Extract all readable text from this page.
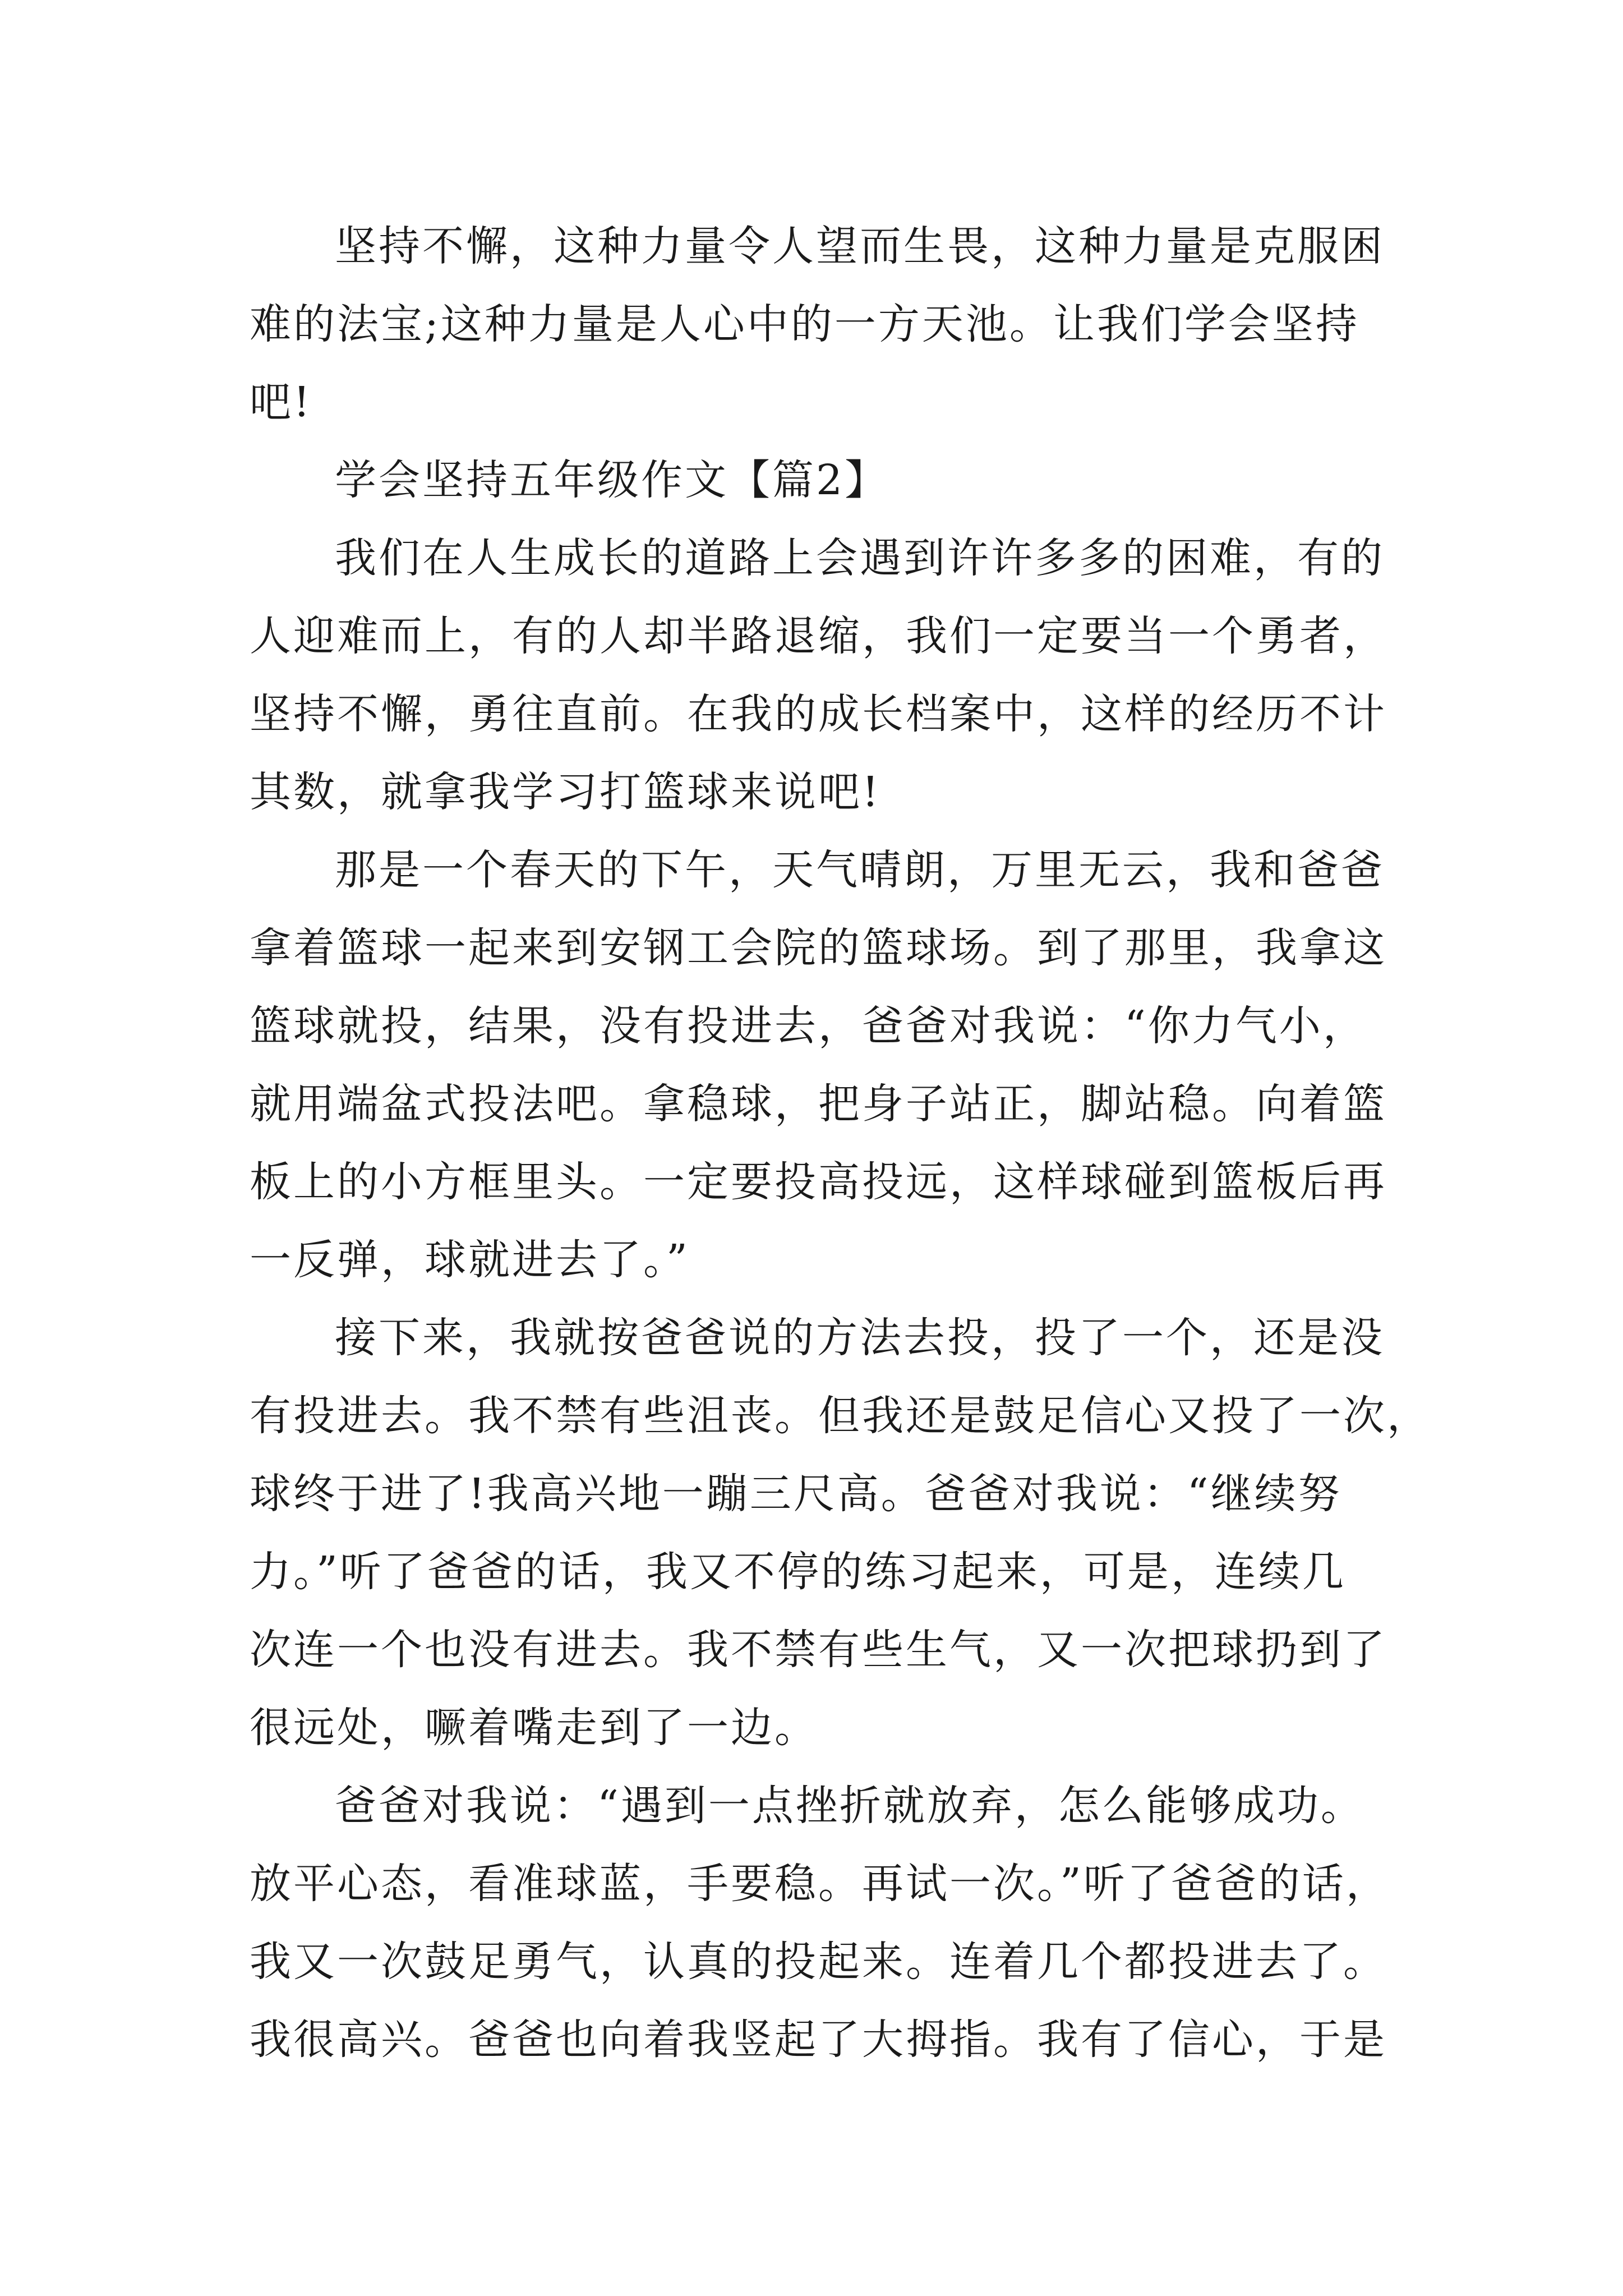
坚持不懈，这种力量令人望而生畏，这种力量是克服困
难的法宝;这种力量是人心中的一方天池。让我们学会坚持
吧!
学会坚持五年级作文【篇2】
我们在人生成长的道路上会遇到许许多多的困难，有的
人迎难而上，有的人却半路退缩，我们一定要当一个勇者，
坚持不懈，勇往直前。在我的成长档案中，这样的经历不计
其数，就拿我学习打篮球来说吧!
那是一个春天的下午，天气晴朗，万里无云，我和爸爸
拿着篮球一起来到安钢工会院的篮球场。到了那里，我拿这
篮球就投，结果，没有投进去，爸爸对我说：“你力气小，
就用端盆式投法吧。拿稳球，把身子站正，脚站稳。向着篮
板上的小方框里头。一定要投高投远，这样球碰到篮板后再
一反弹，球就进去了。”
接下来，我就按爸爸说的方法去投，投了一个，还是没
有投进去。我不禁有些沮丧。但我还是鼓足信心又投了一次，
球终于进了!我高兴地一蹦三尺高。爸爸对我说：“继续努
力。”听了爸爸的话，我又不停的练习起来，可是，连续几
次连一个也没有进去。我不禁有些生气，又一次把球扔到了
很远处，噘着嘴走到了一边。
爸爸对我说：“遇到一点挫折就放弃，怎么能够成功。
放平心态，看准球蓝，手要稳。再试一次。”听了爸爸的话，
我又一次鼓足勇气，认真的投起来。连着几个都投进去了。
我很高兴。爸爸也向着我竖起了大拇指。我有了信心，于是
